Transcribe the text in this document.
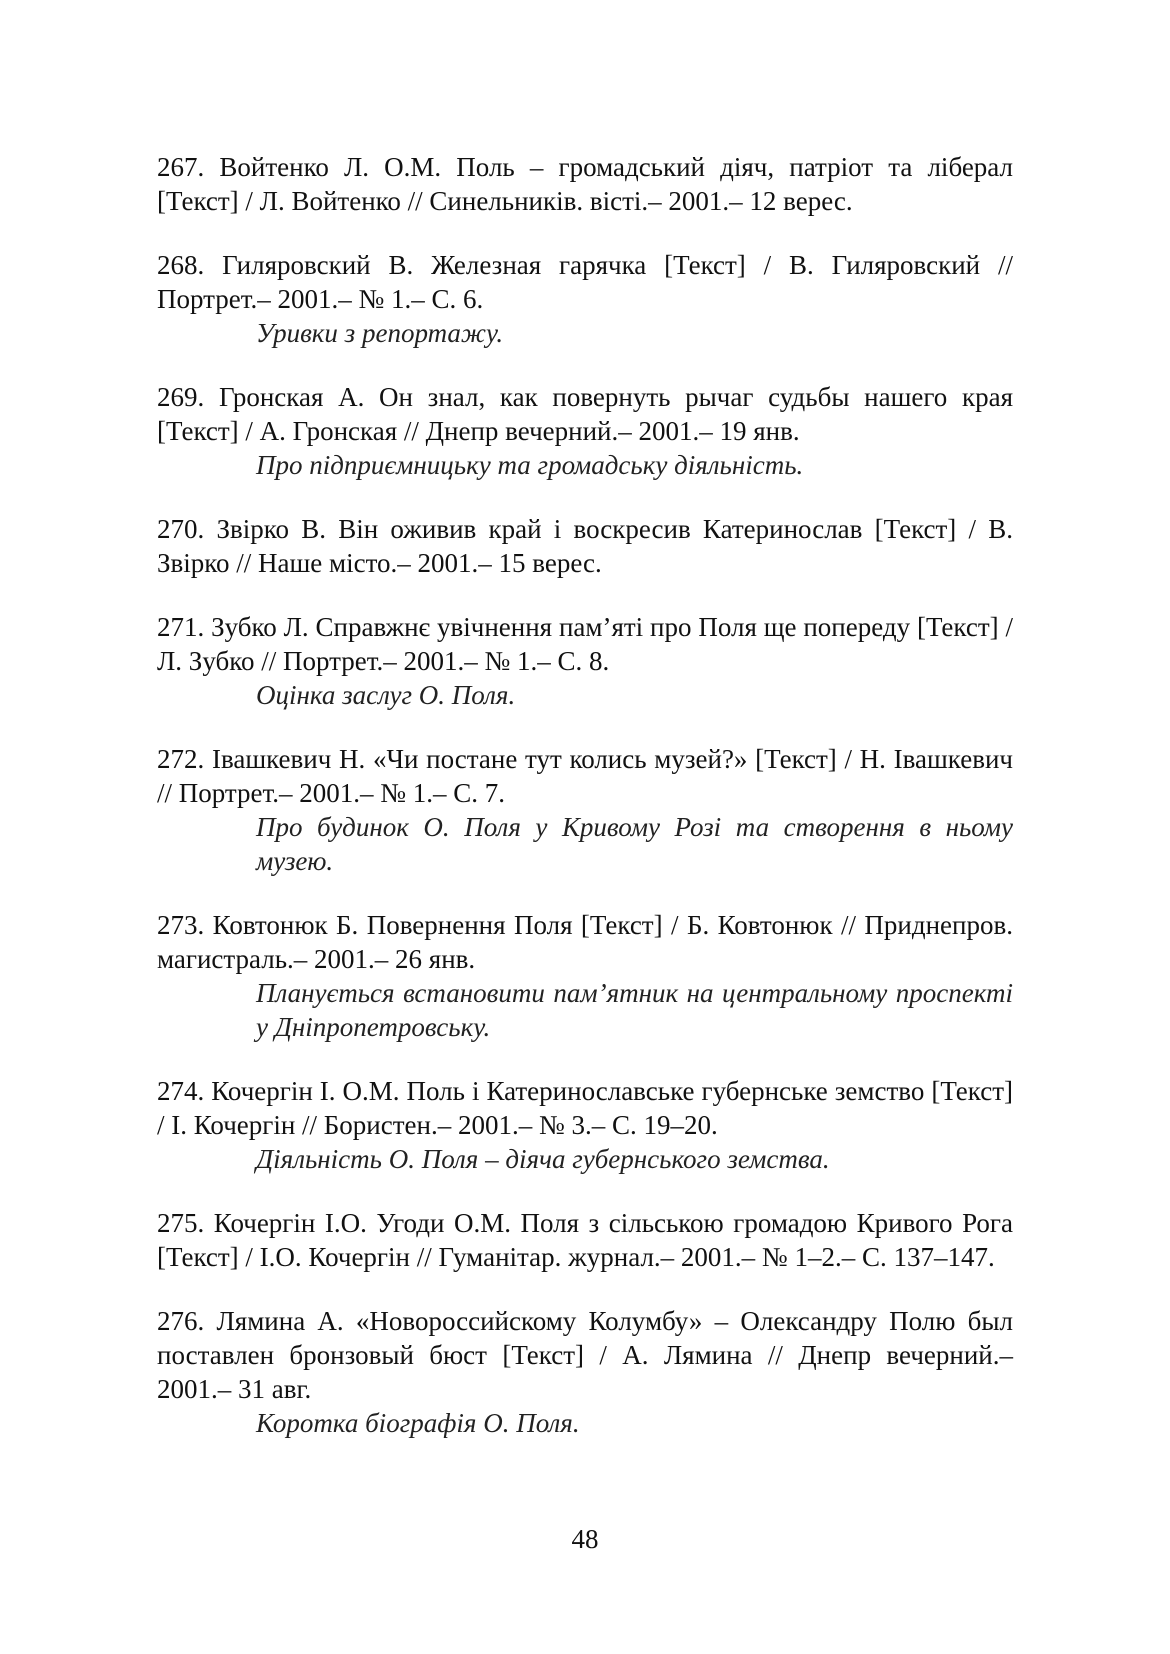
267. Войтенко Л. О.М. Поль – громадський діяч, патріот та ліберал [Текст] / Л. Войтенко // Синельників. вісті.– 2001.– 12 верес.
268. Гиляровский В. Железная гарячка [Текст] / В. Гиляровский // Портрет.– 2001.– № 1.– С. 6.
Уривки з репортажу.
269. Гронская А. Он знал, как повернуть рычаг судьбы нашего края [Текст] / А. Гронская // Днепр вечерний.– 2001.– 19 янв.
Про підприємницьку та громадську діяльність.
270. Звірко В. Він оживив край і воскресив Катеринослав [Текст] / В. Звірко // Наше місто.– 2001.– 15 верес.
271. Зубко Л. Справжнє увічнення пам’яті про Поля ще попереду [Текст] / Л. Зубко // Портрет.– 2001.– № 1.– С. 8.
Оцінка заслуг О. Поля.
272. Івашкевич Н. «Чи постане тут колись музей?» [Текст] / Н. Івашкевич // Портрет.– 2001.– № 1.– С. 7.
Про будинок О. Поля у Кривому Розі та створення в ньому музею.
273. Ковтонюк Б. Повернення Поля [Текст] / Б. Ковтонюк // Приднепров. магистраль.– 2001.– 26 янв.
Планується встановити пам’ятник на центральному проспекті у Дніпропетровську.
274. Кочергін І. О.М. Поль і Катеринославське губернське земство [Текст] / І. Кочергін // Бористен.– 2001.– № 3.– С. 19–20.
Діяльність О. Поля – діяча губернського земства.
275. Кочергін І.О. Угоди О.М. Поля з сільською громадою Кривого Рога [Текст] / І.О. Кочергін // Гуманітар. журнал.– 2001.– № 1–2.– С. 137–147.
276. Лямина А. «Новороссийскому Колумбу» – Олександру Полю был поставлен бронзовый бюст [Текст] / А. Лямина // Днепр вечерний.– 2001.– 31 авг.
Коротка біографія О. Поля.
48
